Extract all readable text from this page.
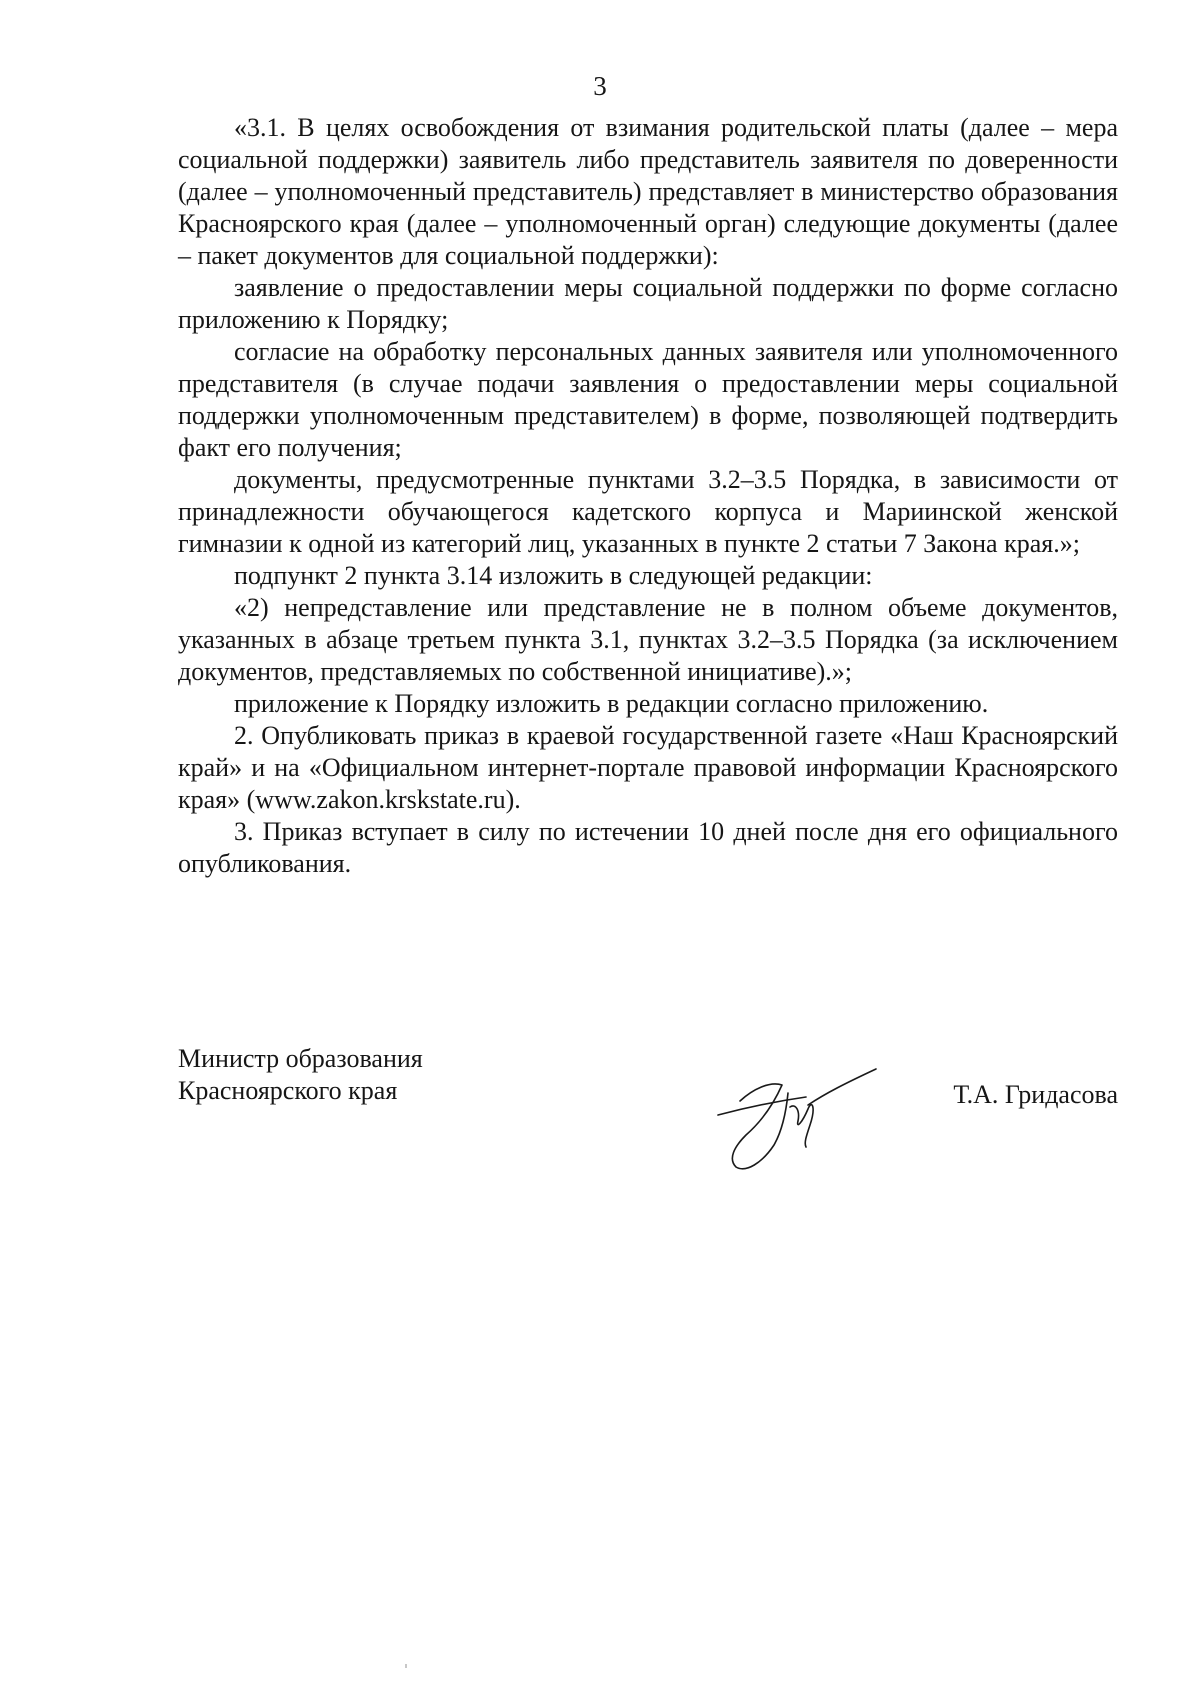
3

«3.1. В целях освобождения от взимания родительской платы (далее – мера социальной поддержки) заявитель либо представитель заявителя по доверенности (далее – уполномоченный представитель) представляет в министерство образования Красноярского края (далее – уполномоченный орган) следующие документы (далее – пакет документов для социальной поддержки):

заявление о предоставлении меры социальной поддержки по форме согласно приложению к Порядку;

согласие на обработку персональных данных заявителя или уполномоченного представителя (в случае подачи заявления о предоставлении меры социальной поддержки уполномоченным представителем) в форме, позволяющей подтвердить факт его получения;

документы, предусмотренные пунктами 3.2–3.5 Порядка, в зависимости от принадлежности обучающегося кадетского корпуса и Мариинской женской гимназии к одной из категорий лиц, указанных в пункте 2 статьи 7 Закона края.»;

подпункт 2 пункта 3.14 изложить в следующей редакции:

«2) непредставление или представление не в полном объеме документов, указанных в абзаце третьем пункта 3.1, пунктах 3.2–3.5 Порядка (за исключением документов, представляемых по собственной инициативе).»;

приложение к Порядку изложить в редакции согласно приложению.

2. Опубликовать приказ в краевой государственной газете «Наш Красноярский край» и на «Официальном интернет-портале правовой информации Красноярского края» (www.zakon.krskstate.ru).

3. Приказ вступает в силу по истечении 10 дней после дня его официального опубликования.

Министр образования
Красноярского края	Т.А. Гридасова
